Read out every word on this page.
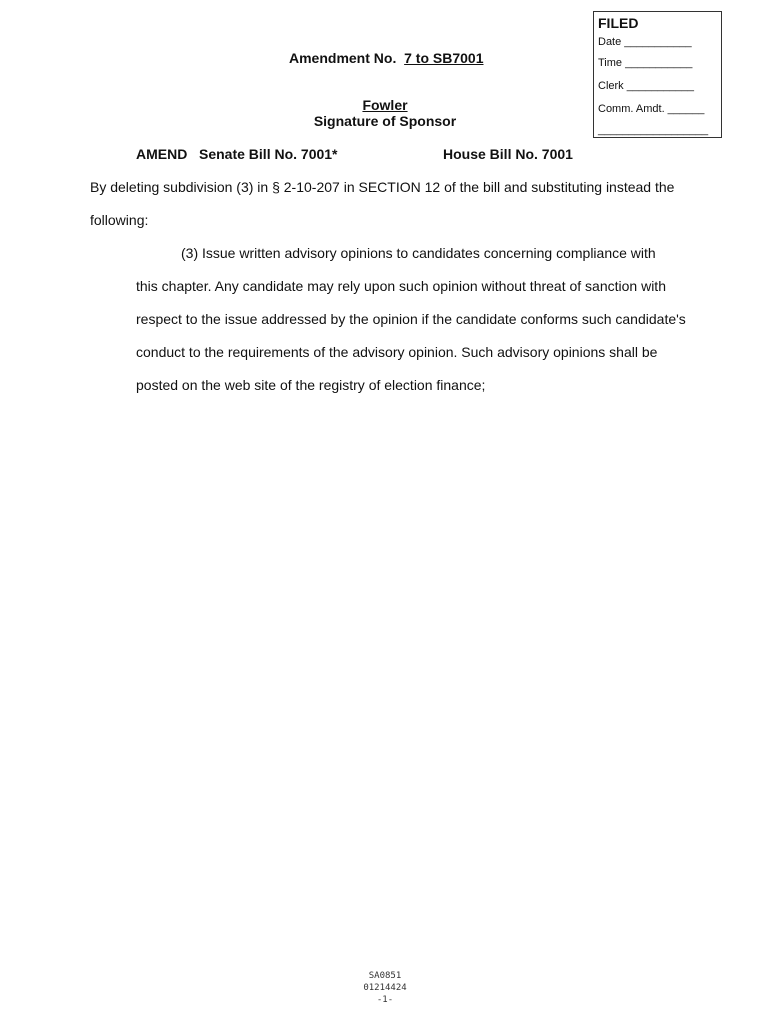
FILED
Date ___________
Time ___________
Clerk ___________
Comm. Amdt. ______
__________________
Amendment No. 7 to SB7001
Fowler
Signature of Sponsor
AMEND Senate Bill No. 7001*	House Bill No. 7001
By deleting subdivision (3) in § 2-10-207 in SECTION 12 of the bill and substituting instead the
following:
(3) Issue written advisory opinions to candidates concerning compliance with
this chapter. Any candidate may rely upon such opinion without threat of sanction with
respect to the issue addressed by the opinion if the candidate conforms such candidate's
conduct to the requirements of the advisory opinion. Such advisory opinions shall be
posted on the web site of the registry of election finance;
SA0851
01214424
-1-
